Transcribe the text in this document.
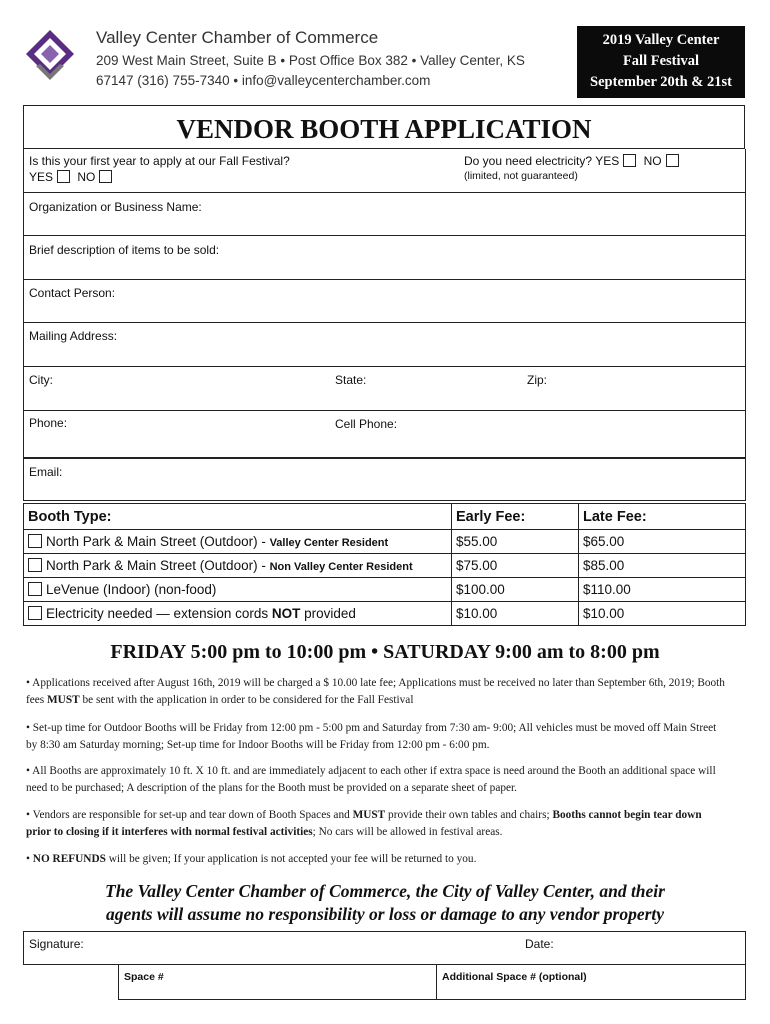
Valley Center Chamber of Commerce
209 West Main Street, Suite B • Post Office Box 382 • Valley Center, KS
67147 (316) 755-7340 • info@valleycenterchamber.com
2019 Valley Center
Fall Festival
September 20th & 21st
VENDOR BOOTH APPLICATION
Is this your first year to apply at our Fall Festival?
YES NO
Do you need electricity? YES NO
(limited, not guaranteed)
Organization or Business Name:
Brief description of items to be sold:
Contact Person:
Mailing Address:
City:	State:	Zip:
Phone:	Cell Phone:
Email:
Booth Type:	Early Fee:	Late Fee:
North Park & Main Street (Outdoor) - Valley Center Resident	$55.00	$65.00
North Park & Main Street (Outdoor) - Non Valley Center Resident	$75.00	$85.00
LeVenue (Indoor) (non-food)	$100.00	$110.00
Electricity needed — extension cords NOT provided	$10.00	$10.00
FRIDAY 5:00 pm to 10:00 pm • SATURDAY 9:00 am to 8:00 pm
• Applications received after August 16th, 2019 will be charged a $ 10.00 late fee; Applications must be received no later than September 6th, 2019; Booth fees MUST be sent with the application in order to be considered for the Fall Festival
• Set-up time for Outdoor Booths will be Friday from 12:00 pm - 5:00 pm and Saturday from 7:30 am- 9:00; All vehicles must be moved off Main Street by 8:30 am Saturday morning; Set-up time for Indoor Booths will be Friday from 12:00 pm - 6:00 pm.
• All Booths are approximately 10 ft. X 10 ft. and are immediately adjacent to each other if extra space is need around the Booth an additional space will need to be purchased; A description of the plans for the Booth must be provided on a separate sheet of paper.
• Vendors are responsible for set-up and tear down of Booth Spaces and MUST provide their own tables and chairs; Booths cannot begin tear down prior to closing if it interferes with normal festival activities; No cars will be allowed in festival areas.
• NO REFUNDS will be given; If your application is not accepted your fee will be returned to you.
The Valley Center Chamber of Commerce, the City of Valley Center, and their
agents will assume no responsibility or loss or damage to any vendor property
Signature:	Date:
Space #	Additional Space # (optional)
